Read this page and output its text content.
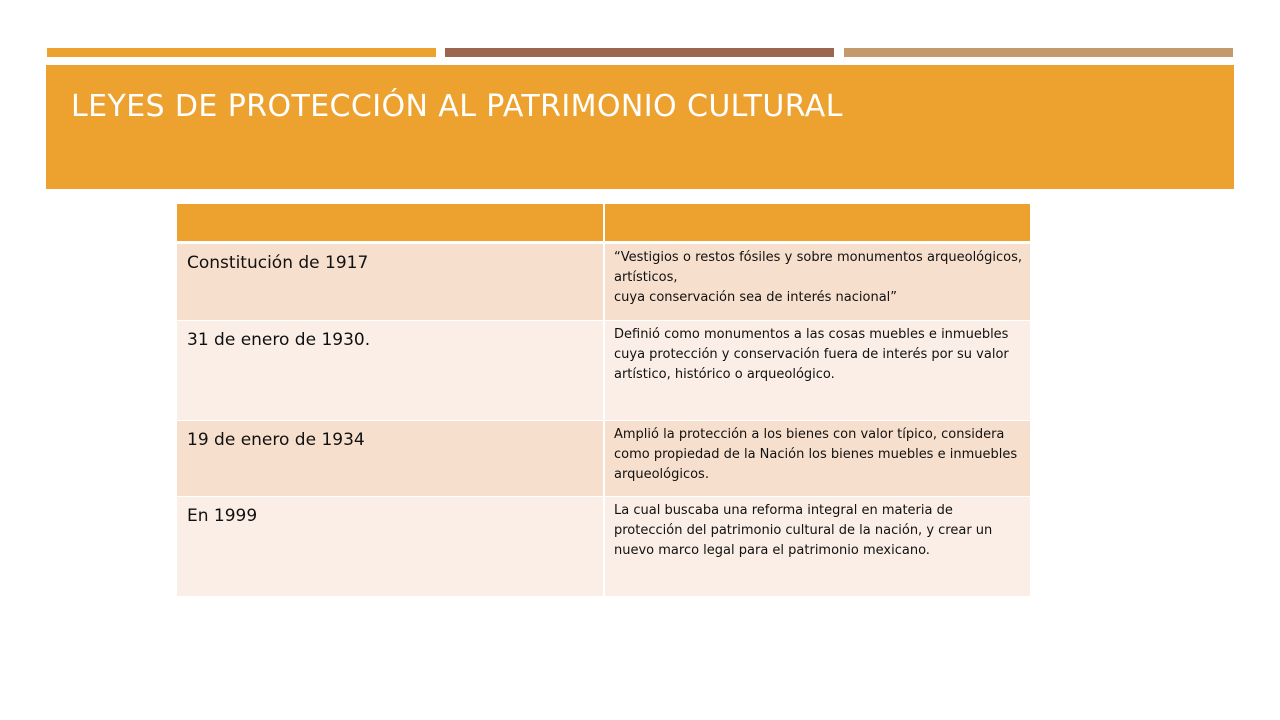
LEYES DE PROTECCIÓN AL PATRIMONIO CULTURAL

Constitución de 1917	“Vestigios o restos fósiles y sobre monumentos arqueológicos, artísticos,
cuya conservación sea de interés nacional”

31 de enero de 1930.	Definió como monumentos a las cosas muebles e inmuebles cuya protección y conservación fuera de interés por su valor artístico, histórico o arqueológico.

19 de enero de 1934	Amplió la protección a los bienes con valor típico, considera como propiedad de la Nación los bienes muebles e inmuebles arqueológicos.

En 1999	La cual buscaba una reforma integral en materia de protección del patrimonio cultural de la nación, y crear un nuevo marco legal para el patrimonio mexicano.
